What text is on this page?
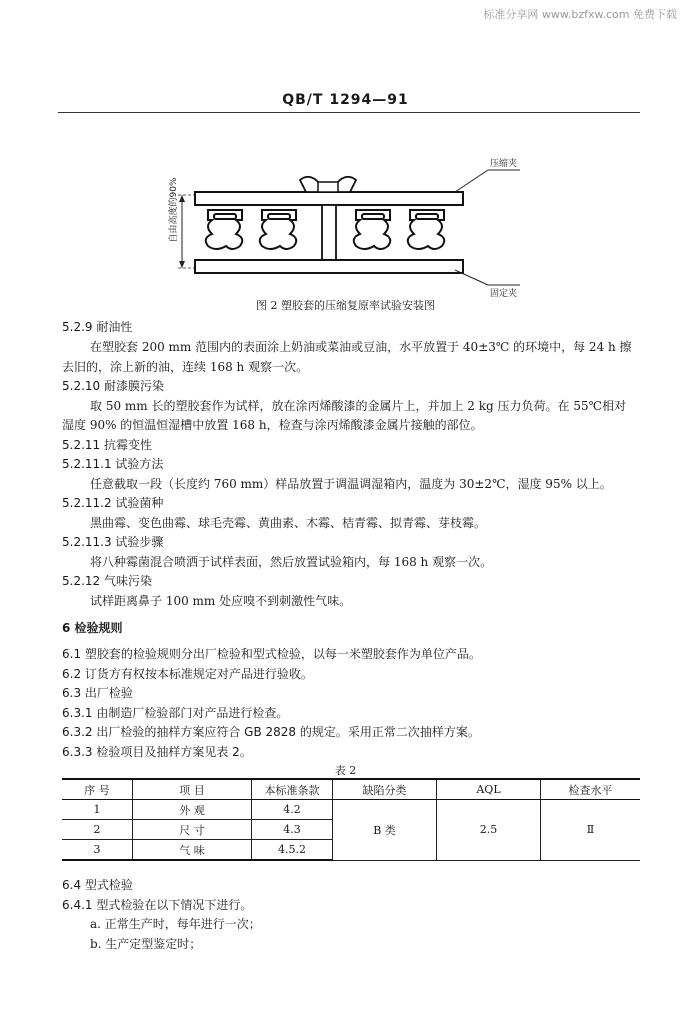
标准分享网 www.bzfxw.com 免费下载
QB/T 1294—91
自由高度的90%
压缩夹
固定夹
图 2 塑胶套的压缩复原率试验安装图
5.2.9 耐油性
在塑胶套 200 mm 范围内的表面涂上奶油或菜油或豆油，水平放置于 40±3℃ 的环境中，每 24 h 擦
去旧的，涂上新的油，连续 168 h 观察一次。
5.2.10 耐漆膜污染
取 50 mm 长的塑胶套作为试样，放在涂丙烯酸漆的金属片上，并加上 2 kg 压力负荷。在 55℃相对
湿度 90% 的恒温恒湿槽中放置 168 h，检查与涂丙烯酸漆金属片接触的部位。
5.2.11 抗霉变性
5.2.11.1 试验方法
任意截取一段（长度约 760 mm）样品放置于调温调湿箱内，温度为 30±2℃，湿度 95% 以上。
5.2.11.2 试验菌种
黑曲霉、变色曲霉、球毛壳霉、黄曲素、木霉、桔青霉、拟青霉、芽枝霉。
5.2.11.3 试验步骤
将八种霉菌混合喷洒于试样表面，然后放置试验箱内，每 168 h 观察一次。
5.2.12 气味污染
试样距离鼻子 100 mm 处应嗅不到刺激性气味。
6 检验规则
6.1 塑胶套的检验规则分出厂检验和型式检验，以每一米塑胶套作为单位产品。
6.2 订货方有权按本标准规定对产品进行验收。
6.3 出厂检验
6.3.1 由制造厂检验部门对产品进行检查。
6.3.2 出厂检验的抽样方案应符合 GB 2828 的规定。采用正常二次抽样方案。
6.3.3 检验项目及抽样方案见表 2。
表 2
序 号	项 目	本标准条款	缺陷分类	AQL	检查水平
1	外 观	4.2	B 类	2.5	Ⅱ
2	尺 寸	4.3			
3	气 味	4.5.2			
6.4 型式检验
6.4.1 型式检验在以下情况下进行。
a. 正常生产时，每年进行一次；
b. 生产定型鉴定时；
